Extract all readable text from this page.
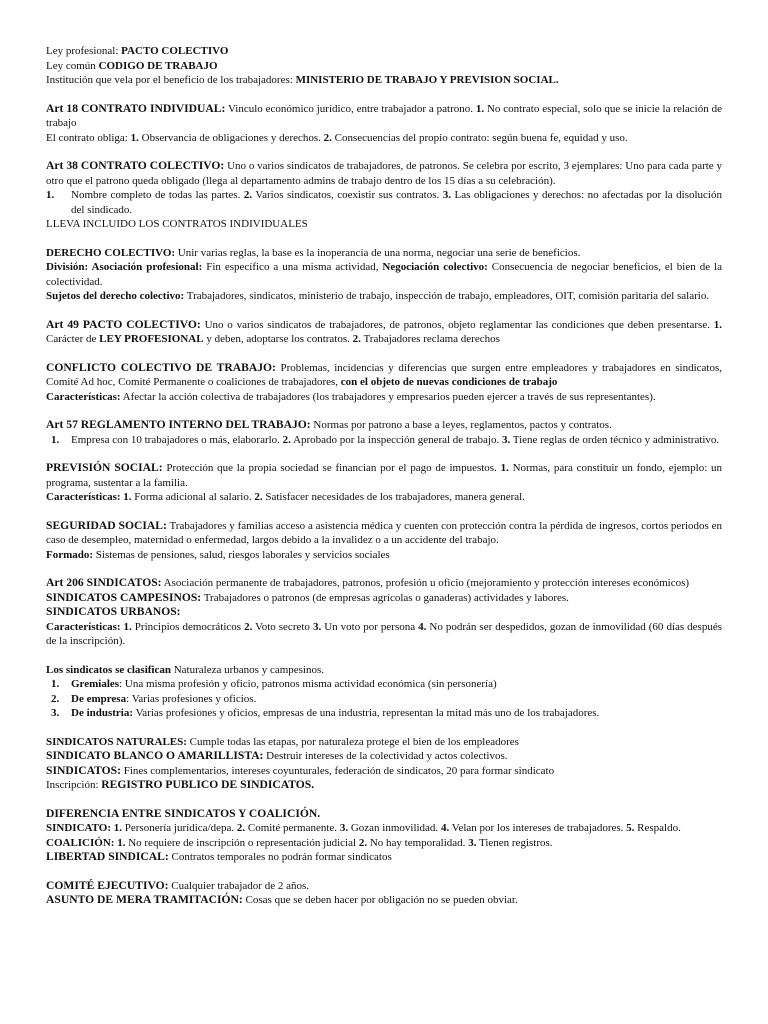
Ley profesional: PACTO COLECTIVO

Ley común CODIGO DE TRABAJO

Institución que vela por el beneficio de los trabajadores: MINISTERIO DE TRABAJO Y PREVISION SOCIAL.

Art 18 CONTRATO INDIVIDUAL: Vinculo económico jurídico, entre trabajador a patrono. 1. No contrato especial, solo que se inicie la relación de trabajo

El contrato obliga: 1. Observancia de obligaciones y derechos. 2. Consecuencias del propio contrato: según buena fe, equidad y uso.

Art 38 CONTRATO COLECTIVO: Uno o varios sindicatos de trabajadores, de patronos. Se celebra por escrito, 3 ejemplares: Uno para cada parte y otro que el patrono queda obligado (llega al departamento admins de trabajo dentro de los 15 días a su celebración).

1. Nombre completo de todas las partes. 2. Varios sindicatos, coexistir sus contratos. 3. Las obligaciones y derechos: no afectadas por la disolución del sindicado.

LLEVA INCLUIDO LOS CONTRATOS INDIVIDUALES

DERECHO COLECTIVO: Unir varias reglas, la base es la inoperancia de una norma, negociar una serie de beneficios.

División: Asociación profesional: Fin específico a una misma actividad, Negociación colectivo: Consecuencia de negociar beneficios, el bien de la colectividad.

Sujetos del derecho colectivo: Trabajadores, sindicatos, ministerio de trabajo, inspección de trabajo, empleadores, OIT, comisión paritaria del salario.

Art 49 PACTO COLECTIVO: Uno o varios sindicatos de trabajadores, de patronos, objeto reglamentar las condiciones que deben presentarse. 1. Carácter de LEY PROFESIONAL y deben, adoptarse los contratos. 2. Trabajadores reclama derechos

CONFLICTO COLECTIVO DE TRABAJO: Problemas, incidencias y diferencias que surgen entre empleadores y trabajadores en sindicatos, Comité Ad hoc, Comité Permanente o coaliciones de trabajadores, con el objeto de nuevas condiciones de trabajo

Características: Afectar la acción colectiva de trabajadores (los trabajadores y empresarios pueden ejercer a través de sus representantes).

Art 57 REGLAMENTO INTERNO DEL TRABAJO: Normas por patrono a base a leyes, reglamentos, pactos y contratos.

1. Empresa con 10 trabajadores o más, elaborarlo. 2. Aprobado por la inspección general de trabajo. 3. Tiene reglas de orden técnico y administrativo.

PREVISIÓN SOCIAL: Protección que la propia sociedad se financian por el pago de impuestos. 1. Normas, para constituir un fondo, ejemplo: un programa, sustentar a la familia.

Características: 1. Forma adicional al salario. 2. Satisfacer necesidades de los trabajadores, manera general.

SEGURIDAD SOCIAL: Trabajadores y familias acceso a asistencia médica y cuenten con protección contra la pérdida de ingresos, cortos periodos en caso de desempleo, maternidad o enfermedad, largos debido a la invalidez o a un accidente del trabajo.

Formado: Sistemas de pensiones, salud, riesgos laborales y servicios sociales

Art 206 SINDICATOS: Asociación permanente de trabajadores, patronos, profesión u oficio (mejoramiento y protección intereses económicos)

SINDICATOS CAMPESINOS: Trabajadores o patronos (de empresas agrícolas o ganaderas) actividades y labores.

SINDICATOS URBANOS:

Características: 1. Principios democráticos 2. Voto secreto 3. Un voto por persona 4. No podrán ser despedidos, gozan de inmovilidad (60 días después de la inscripción).

Los sindicatos se clasifican Naturaleza urbanos y campesinos.

1. Gremiales: Una misma profesión y oficio, patronos misma actividad económica (sin personería)
2. De empresa: Varias profesiones y oficios.
3. De industria: Varias profesiones y oficios, empresas de una industria, representan la mitad más uno de los trabajadores.

SINDICATOS NATURALES: Cumple todas las etapas, por naturaleza protege el bien de los empleadores

SINDICATO BLANCO O AMARILLISTA: Destruir intereses de la colectividad y actos colectivos.

SINDICATOS: Fines complementarios, intereses coyunturales, federación de sindicatos, 20 para formar sindicato

Inscripción: REGISTRO PUBLICO DE SINDICATOS.

DIFERENCIA ENTRE SINDICATOS Y COALICIÓN.

SINDICATO: 1. Personería jurídica/depa. 2. Comité permanente. 3. Gozan inmovilidad. 4. Velan por los intereses de trabajadores. 5. Respaldo.

COALICIÓN: 1. No requiere de inscripción o representación judicial 2. No hay temporalidad. 3. Tienen registros.

LIBERTAD SINDICAL: Contratos temporales no podrán formar sindicatos

COMITÉ EJECUTIVO: Cualquier trabajador de 2 años.

ASUNTO DE MERA TRAMITACIÓN: Cosas que se deben hacer por obligación no se pueden obviar.
